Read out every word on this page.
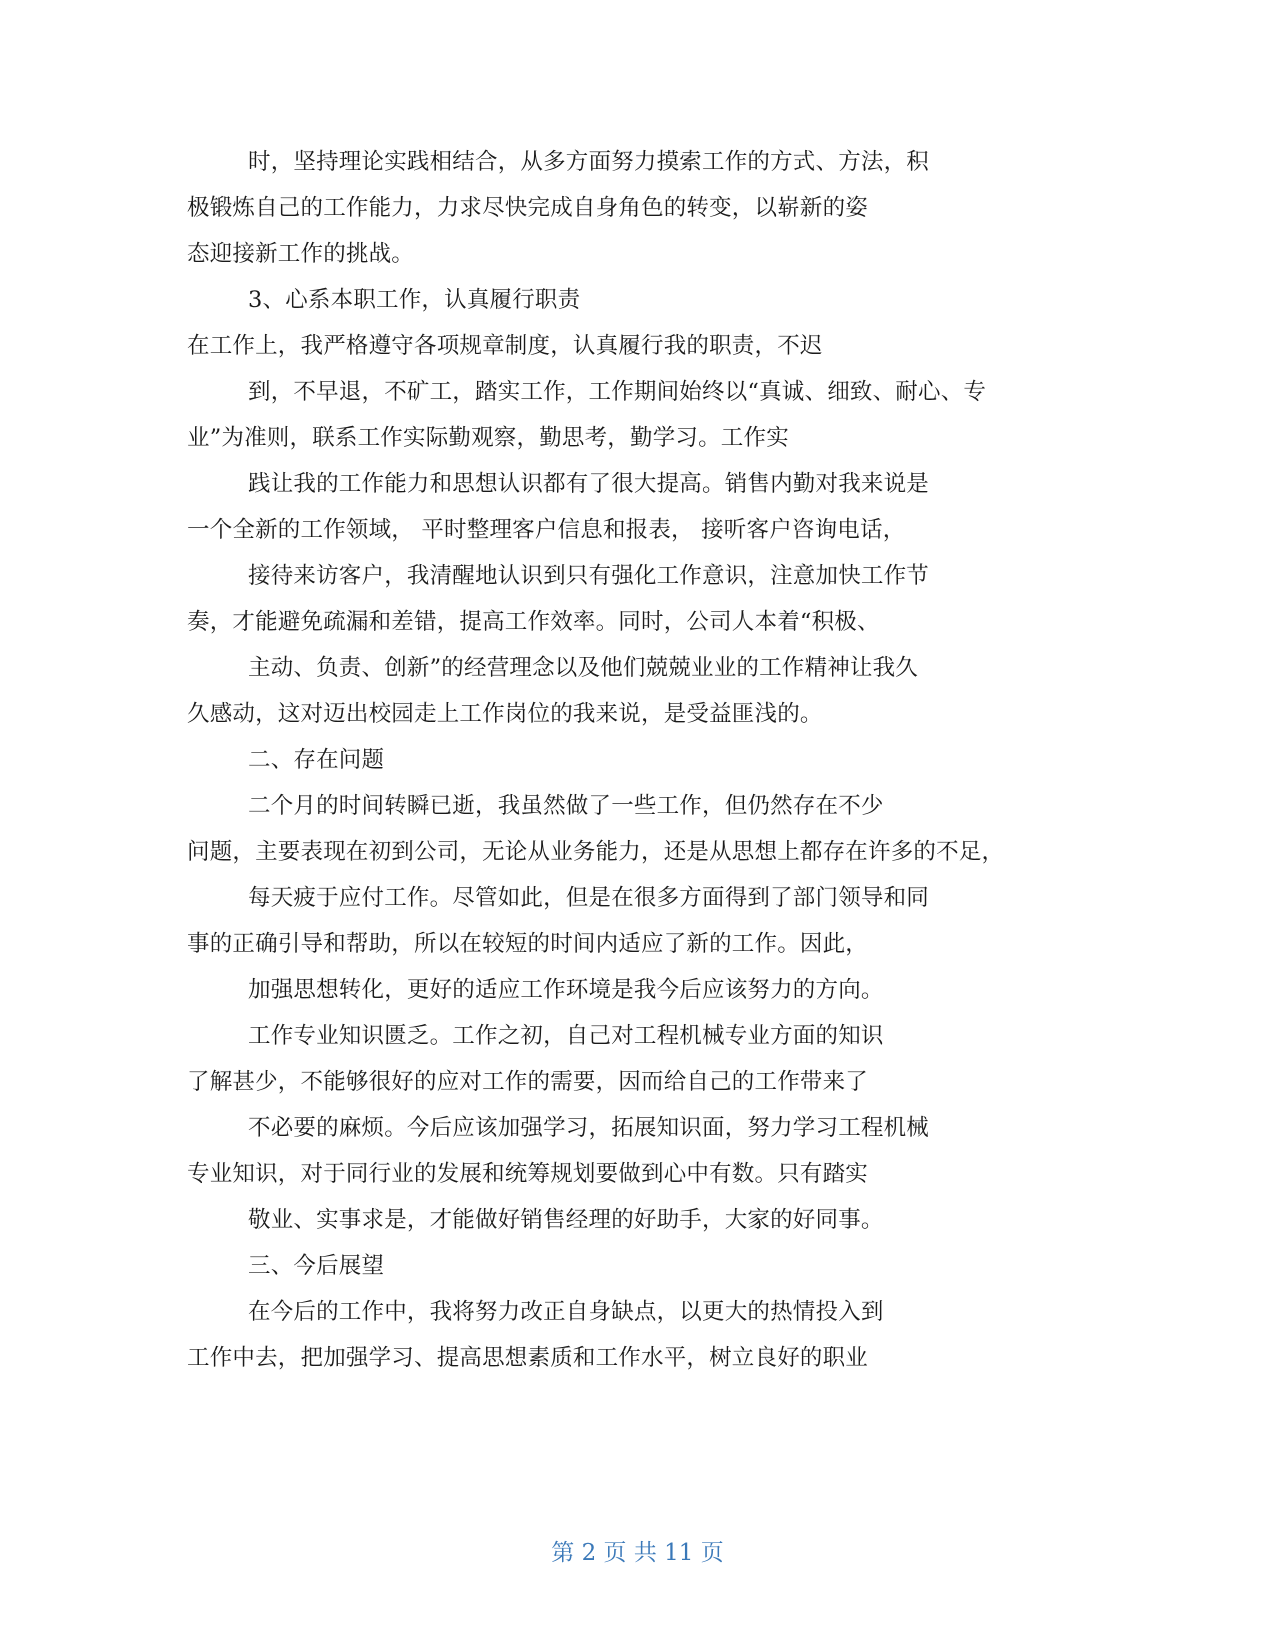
时，坚持理论实践相结合，从多方面努力摸索工作的方式、方法，积
极锻炼自己的工作能力，力求尽快完成自身角色的转变，以崭新的姿
态迎接新工作的挑战。
3、心系本职工作，认真履行职责
在工作上，我严格遵守各项规章制度，认真履行我的职责，不迟
到，不早退，不矿工，踏实工作，工作期间始终以“真诚、细致、耐心、专
业”为准则，联系工作实际勤观察，勤思考，勤学习。工作实
践让我的工作能力和思想认识都有了很大提高。销售内勤对我来说是
一个全新的工作领域， 平时整理客户信息和报表， 接听客户咨询电话，
接待来访客户，我清醒地认识到只有强化工作意识，注意加快工作节
奏，才能避免疏漏和差错，提高工作效率。同时，公司人本着“积极、
主动、负责、创新”的经营理念以及他们兢兢业业的工作精神让我久
久感动，这对迈出校园走上工作岗位的我来说，是受益匪浅的。
二、存在问题
二个月的时间转瞬已逝，我虽然做了一些工作，但仍然存在不少
问题，主要表现在初到公司，无论从业务能力，还是从思想上都存在许多的不足，
每天疲于应付工作。尽管如此，但是在很多方面得到了部门领导和同
事的正确引导和帮助，所以在较短的时间内适应了新的工作。因此，
加强思想转化，更好的适应工作环境是我今后应该努力的方向。
工作专业知识匮乏。工作之初，自己对工程机械专业方面的知识
了解甚少，不能够很好的应对工作的需要，因而给自己的工作带来了
不必要的麻烦。今后应该加强学习，拓展知识面，努力学习工程机械
专业知识，对于同行业的发展和统筹规划要做到心中有数。只有踏实
敬业、实事求是，才能做好销售经理的好助手，大家的好同事。
三、今后展望
在今后的工作中，我将努力改正自身缺点，以更大的热情投入到
工作中去，把加强学习、提高思想素质和工作水平，树立良好的职业
第 2 页 共 11 页
